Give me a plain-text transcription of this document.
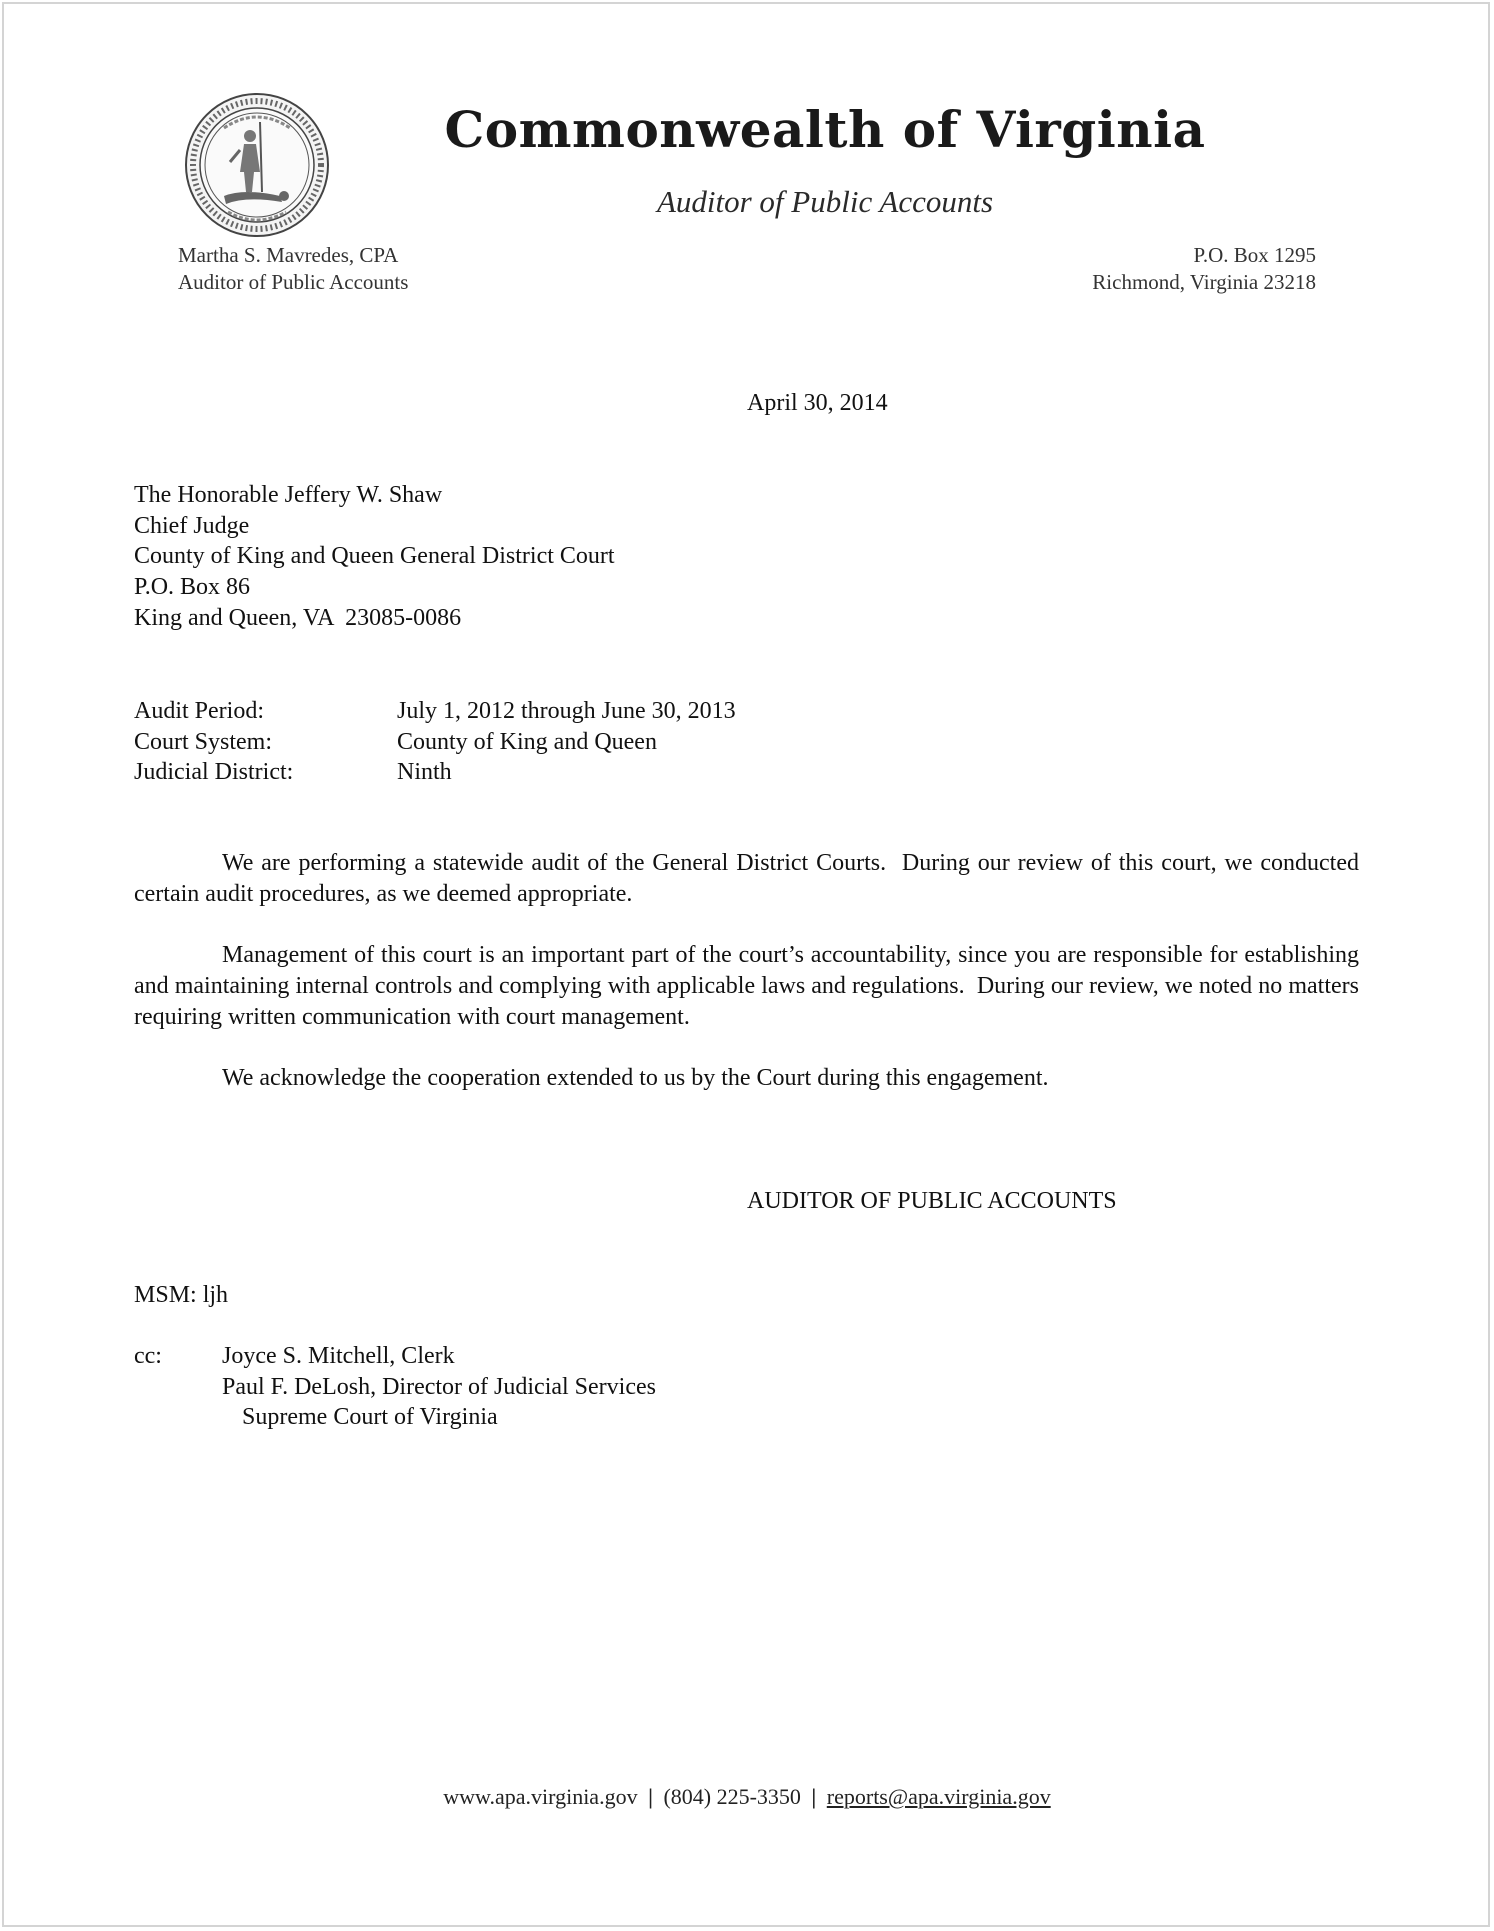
Commonwealth of Virginia
Auditor of Public Accounts
Martha S. Mavredes, CPA
Auditor of Public Accounts
P.O. Box 1295
Richmond, Virginia 23218
April 30, 2014
The Honorable Jeffery W. Shaw
Chief Judge
County of King and Queen General District Court
P.O. Box 86
King and Queen, VA  23085-0086
Audit Period:	July 1, 2012 through June 30, 2013
Court System:	County of King and Queen
Judicial District:	Ninth

We are performing a statewide audit of the General District Courts.  During our review of this court, we conducted certain audit procedures, as we deemed appropriate.

Management of this court is an important part of the court’s accountability, since you are responsible for establishing and maintaining internal controls and complying with applicable laws and regulations.  During our review, we noted no matters requiring written communication with court management.

We acknowledge the cooperation extended to us by the Court during this engagement.

AUDITOR OF PUBLIC ACCOUNTS
MSM: ljh
cc:	Joyce S. Mitchell, Clerk
Paul F. DeLosh, Director of Judicial Services
Supreme Court of Virginia
www.apa.virginia.gov | (804) 225-3350 | reports@apa.virginia.gov
